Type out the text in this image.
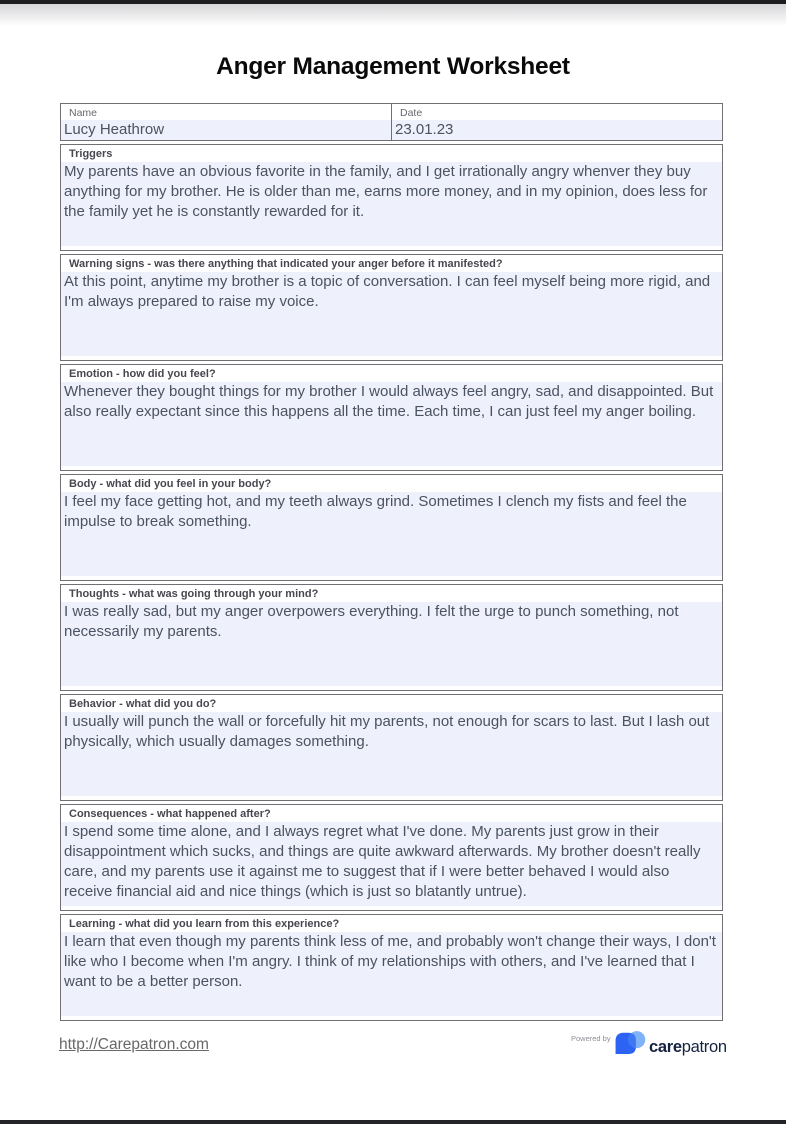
Anger Management Worksheet
Name
Lucy Heathrow
Date
23.01.23
Triggers
My parents have an obvious favorite in the family, and I get irrationally angry whenver they buy anything for my brother. He is older than me, earns more money, and in my opinion, does less for the family yet he is constantly rewarded for it.
Warning signs - was there anything that indicated your anger before it manifested?
At this point, anytime my brother is a topic of conversation. I can feel myself being more rigid, and I'm always prepared to raise my voice.
Emotion - how did you feel?
Whenever they bought things for my brother I would always feel angry, sad, and disappointed. But also really expectant since this happens all the time. Each time, I can just feel my anger boiling.
Body - what did you feel in your body?
I feel my face getting hot, and my teeth always grind. Sometimes I clench my fists and feel the impulse to break something.
Thoughts - what was going through your mind?
I was really sad, but my anger overpowers everything. I felt the urge to punch something, not necessarily my parents.
Behavior - what did you do?
I usually will punch the wall or forcefully hit my parents, not enough for scars to last. But I lash out physically, which usually damages something.
Consequences - what happened after?
I spend some time alone, and I always regret what I've done. My parents just grow in their disappointment which sucks, and things are quite awkward afterwards. My brother doesn't really care, and my parents use it against me to suggest that if I were better behaved I would also receive financial aid and nice things (which is just so blatantly untrue).
Learning - what did you learn from this experience?
I learn that even though my parents think less of me, and probably won't change their ways, I don't like who I become when I'm angry. I think of my relationships with others, and I've learned that I want to be a better person.
http://Carepatron.com	Powered by carepatron
